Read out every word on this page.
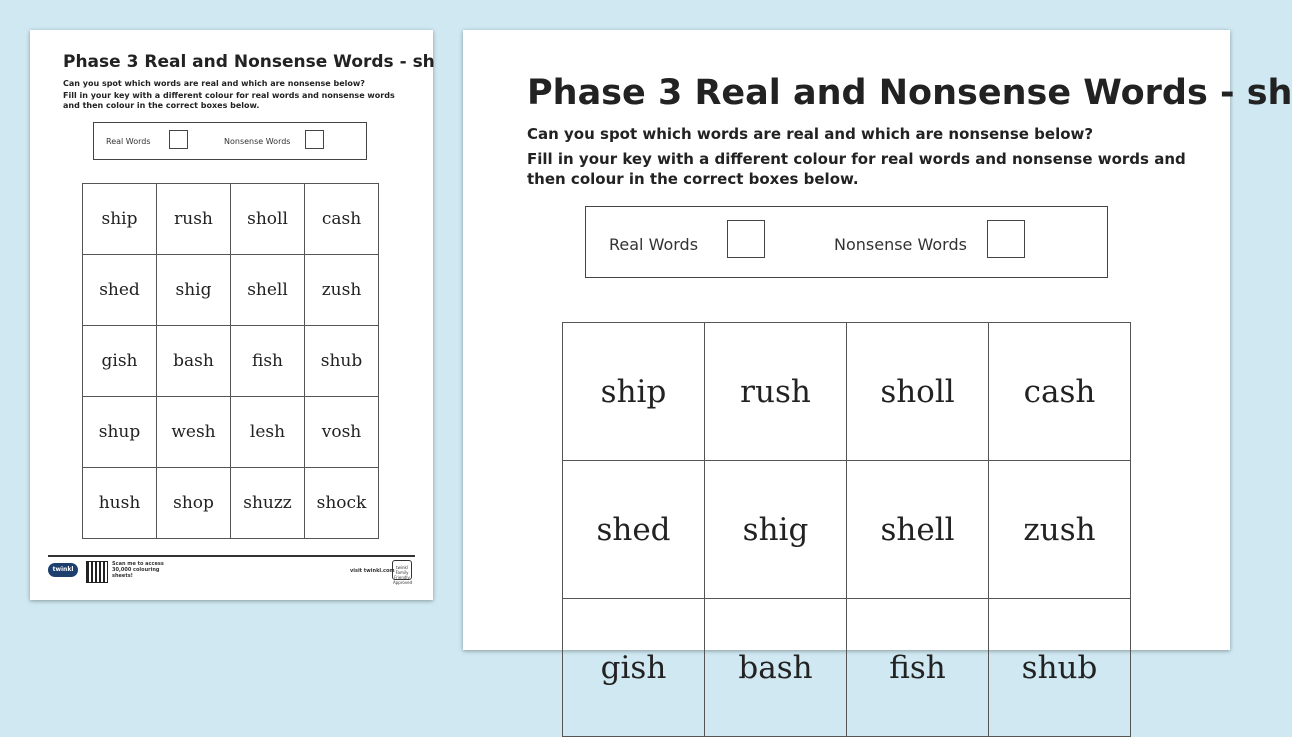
Phase 3 Real and Nonsense Words - sh
Can you spot which words are real and which are nonsense below?
Fill in your key with a different colour for real words and nonsense words and then colour in the correct boxes below.
Real Words	Nonsense Words
ship	rush	sholl	cash
shed	shig	shell	zush
gish	bash	fish	shub
shup	wesh	lesh	vosh
hush	shop	shuzz	shock
twinkl
Scan me to access 30,000 colouring sheets!
visit twinkl.com
twinkl Family Friendly Approved
Phase 3 Real and Nonsense Words - sh
Can you spot which words are real and which are nonsense below?
Fill in your key with a different colour for real words and nonsense words and then colour in the correct boxes below.
Real Words	Nonsense Words
ship	rush	sholl	cash
shed	shig	shell	zush
gish	bash	fish	shub
